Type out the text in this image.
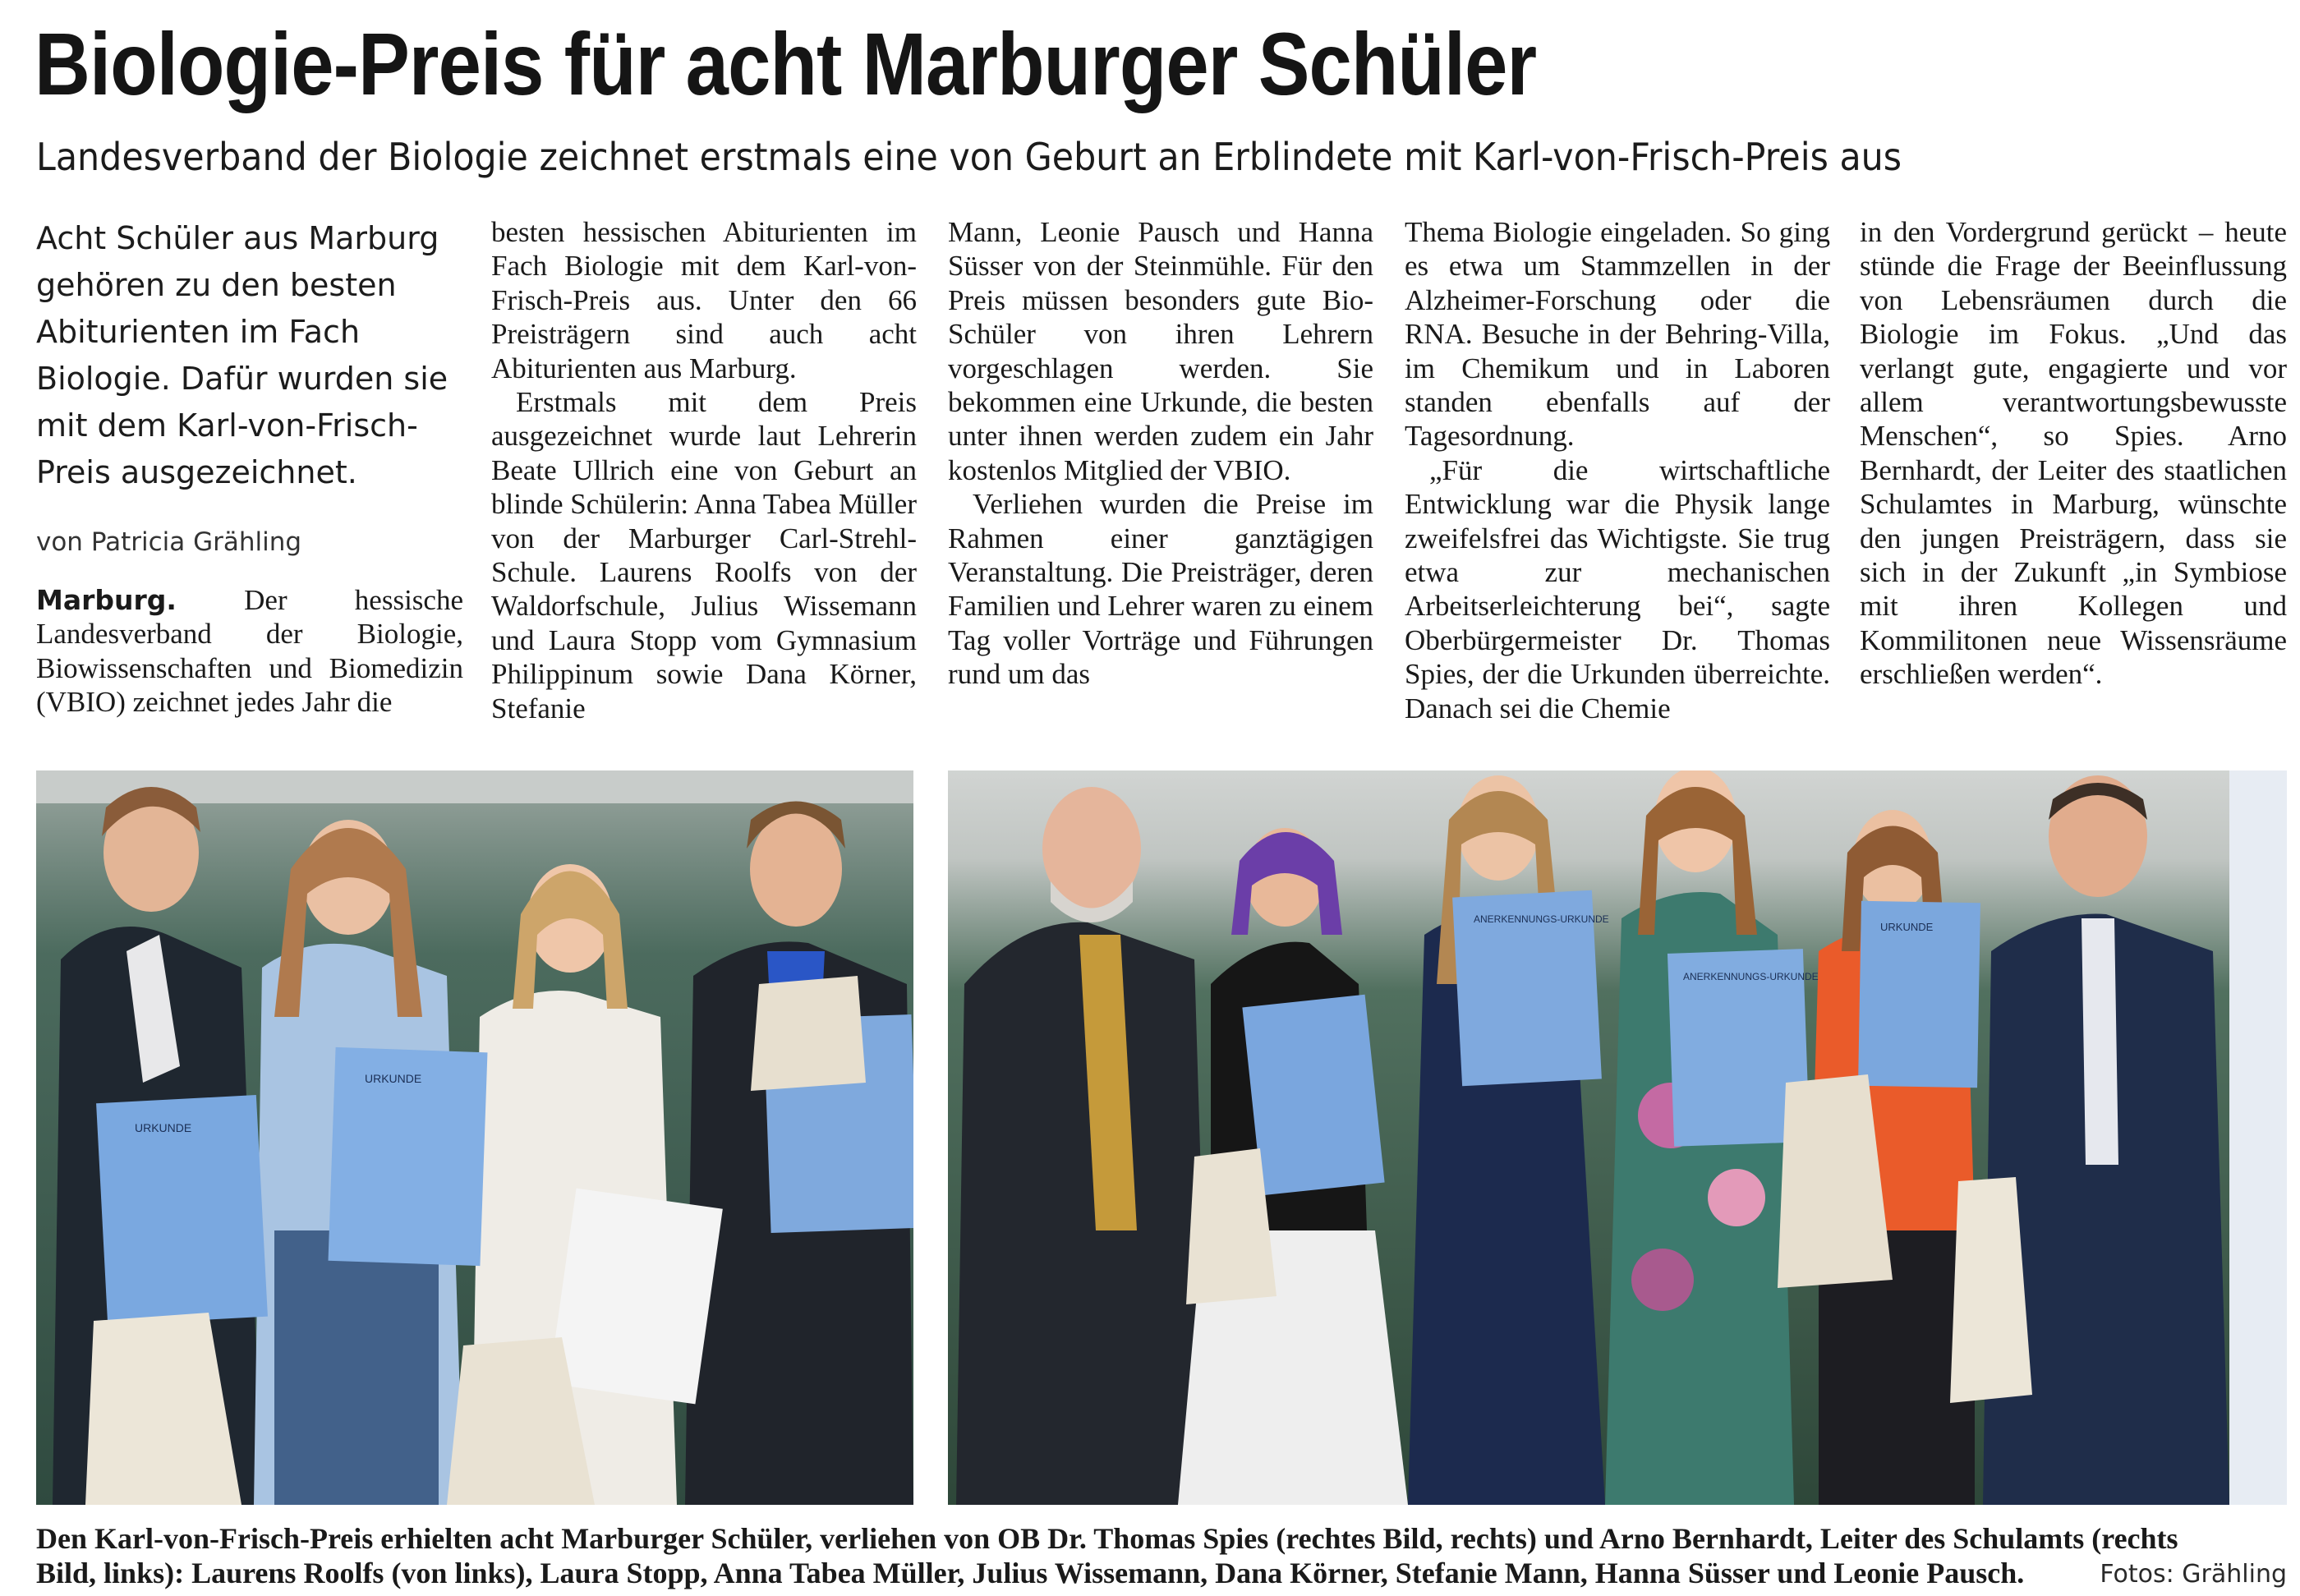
Biologie-Preis für acht Marburger Schüler
Landesverband der Biologie zeichnet erstmals eine von Geburt an Erblindete mit Karl-von-Frisch-Preis aus

Acht Schüler aus Marburg gehören zu den besten Abiturienten im Fach Biologie. Dafür wurden sie mit dem Karl-von-Frisch-Preis ausgezeichnet.

von Patricia Grähling

Marburg. Der hessische Landesverband der Biologie, Biowissenschaften und Biomedizin (VBIO) zeichnet jedes Jahr die

besten hessischen Abiturienten im Fach Biologie mit dem Karl-von-Frisch-Preis aus. Unter den 66 Preisträgern sind auch acht Abiturienten aus Marburg.

Erstmals mit dem Preis ausgezeichnet wurde laut Lehrerin Beate Ullrich eine von Geburt an blinde Schülerin: Anna Tabea Müller von der Marburger Carl-Strehl-Schule. Laurens Roolfs von der Waldorfschule, Julius Wissemann und Laura Stopp vom Gymnasium Philippinum sowie Dana Körner, Stefanie

Mann, Leonie Pausch und Hanna Süsser von der Steinmühle. Für den Preis müssen besonders gute Bio-Schüler von ihren Lehrern vorgeschlagen werden. Sie bekommen eine Urkunde, die besten unter ihnen werden zudem ein Jahr kostenlos Mitglied der VBIO.

Verliehen wurden die Preise im Rahmen einer ganztägigen Veranstaltung. Die Preisträger, deren Familien und Lehrer waren zu einem Tag voller Vorträge und Führungen rund um das

Thema Biologie eingeladen. So ging es etwa um Stammzellen in der Alzheimer-Forschung oder die RNA. Besuche in der Behring-Villa, im Chemikum und in Laboren standen ebenfalls auf der Tagesordnung.

„Für die wirtschaftliche Entwicklung war die Physik lange zweifelsfrei das Wichtigste. Sie trug etwa zur mechanischen Arbeitserleichterung bei“, sagte Oberbürgermeister Dr. Thomas Spies, der die Urkunden überreichte. Danach sei die Chemie

in den Vordergrund gerückt – heute stünde die Frage der Beeinflussung von Lebensräumen durch die Biologie im Fokus. „Und das verlangt gute, engagierte und vor allem verantwortungsbewusste Menschen“, so Spies. Arno Bernhardt, der Leiter des staatlichen Schulamtes in Marburg, wünschte den jungen Preisträgern, dass sie sich in der Zukunft „in Symbiose mit ihren Kollegen und Kommilitonen neue Wissensräume erschließen werden“.

URKUNDE
URKUNDE
ANERKENNUNGS-URKUNDE
ANERKENNUNGS-URKUNDE
URKUNDE
Den Karl-von-Frisch-Preis erhielten acht Marburger Schüler, verliehen von OB Dr. Thomas Spies (rechtes Bild, rechts) und Arno Bernhardt, Leiter des Schulamts (rechts
Bild, links): Laurens Roolfs (von links), Laura Stopp, Anna Tabea Müller, Julius Wissemann, Dana Körner, Stefanie Mann, Hanna Süsser und Leonie Pausch.	Fotos: Grähling
